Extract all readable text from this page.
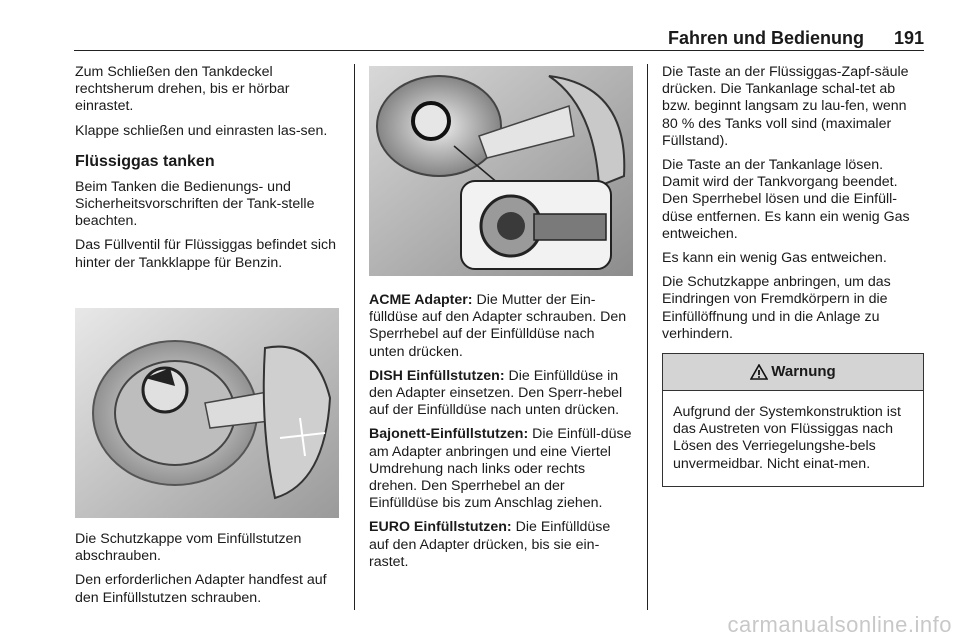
Fahren und Bedienung 191

Zum Schließen den Tankdeckel rechtsherum drehen, bis er hörbar einrastet.

Klappe schließen und einrasten las-sen.

Flüssiggas tanken

Beim Tanken die Bedienungs- und Sicherheitsvorschriften der Tank-stelle beachten.

Das Füllventil für Flüssiggas befindet sich hinter der Tankklappe für Benzin.

Die Schutzkappe vom Einfüllstutzen abschrauben.

Den erforderlichen Adapter handfest auf den Einfüllstutzen schrauben.

ACME Adapter: Die Mutter der Ein-fülldüse auf den Adapter schrauben. Den Sperrhebel auf der Einfülldüse nach unten drücken.

DISH Einfüllstutzen: Die Einfülldüse in den Adapter einsetzen. Den Sperr-hebel auf der Einfülldüse nach unten drücken.

Bajonett-Einfüllstutzen: Die Einfüll-düse am Adapter anbringen und eine Viertel Umdrehung nach links oder rechts drehen. Den Sperrhebel an der Einfülldüse bis zum Anschlag ziehen.

EURO Einfüllstutzen: Die Einfülldüse auf den Adapter drücken, bis sie ein-rastet.

Die Taste an der Flüssiggas-Zapf-säule drücken. Die Tankanlage schal-tet ab bzw. beginnt langsam zu lau-fen, wenn 80 % des Tanks voll sind (maximaler Füllstand).

Die Taste an der Tankanlage lösen. Damit wird der Tankvorgang beendet. Den Sperrhebel lösen und die Einfüll-düse entfernen. Es kann ein wenig Gas entweichen.

Es kann ein wenig Gas entweichen.

Die Schutzkappe anbringen, um das Eindringen von Fremdkörpern in die Einfüllöffnung und in die Anlage zu verhindern.

Warnung
Aufgrund der Systemkonstruktion ist das Austreten von Flüssiggas nach Lösen des Verriegelungshe-bels unvermeidbar. Nicht einat-men.
carmanualsonline.info
